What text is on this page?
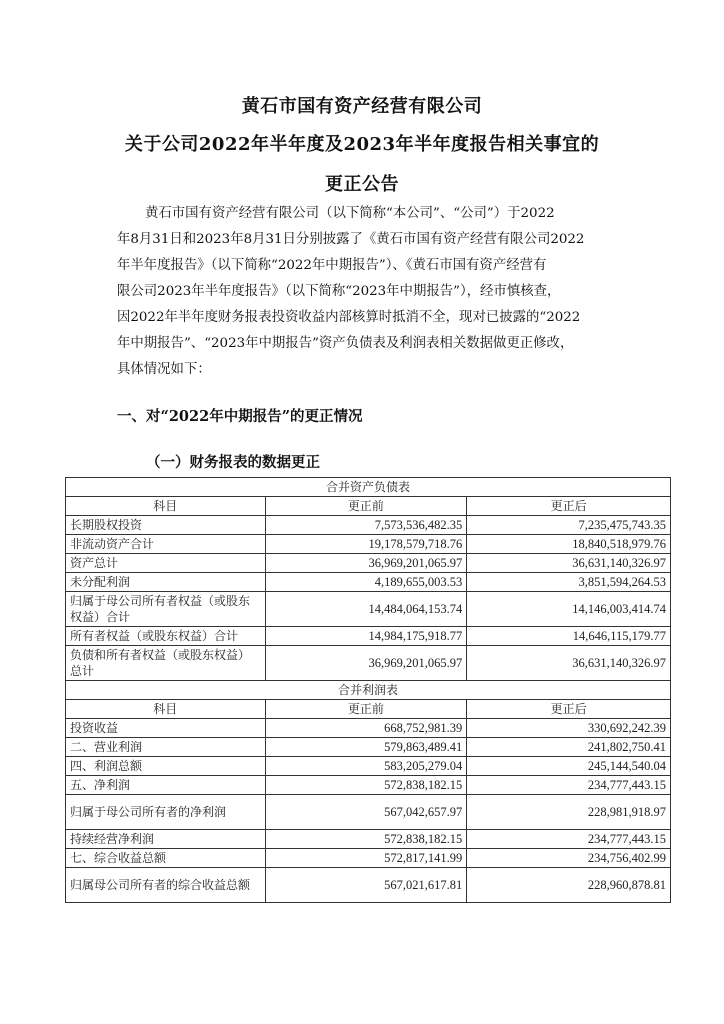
黄石市国有资产经营有限公司
关于公司2022年半年度及2023年半年度报告相关事宜的
更正公告
黄石市国有资产经营有限公司（以下简称“本公司”、“公司”）于2022
年8月31日和2023年8月31日分别披露了《黄石市国有资产经营有限公司2022
年半年度报告》（以下简称“2022年中期报告”）、《黄石市国有资产经营有
限公司2023年半年度报告》（以下简称“2023年中期报告”），经市慎核查，
因2022年半年度财务报表投资收益内部核算时抵消不全，现对已披露的“2022
年中期报告”、“2023年中期报告”资产负债表及利润表相关数据做更正修改，
具体情况如下：
一、对“2022年中期报告”的更正情况
（一）财务报表的数据更正
合并资产负债表		
科目	更正前	更正后
长期股权投资	7,573,536,482.35	7,235,475,743.35
非流动资产合计	19,178,579,718.76	18,840,518,979.76
资产总计	36,969,201,065.97	36,631,140,326.97
未分配利润	4,189,655,003.53	3,851,594,264.53
归属于母公司所有者权益（或股东权益）合计	14,484,064,153.74	14,146,003,414.74
所有者权益（或股东权益）合计	14,984,175,918.77	14,646,115,179.77
负债和所有者权益（或股东权益）总计	36,969,201,065.97	36,631,140,326.97
合并利润表		
科目	更正前	更正后
投资收益	668,752,981.39	330,692,242.39
二、营业利润	579,863,489.41	241,802,750.41
四、利润总额	583,205,279.04	245,144,540.04
五、净利润	572,838,182.15	234,777,443.15
归属于母公司所有者的净利润	567,042,657.97	228,981,918.97
持续经营净利润	572,838,182.15	234,777,443.15
七、综合收益总额	572,817,141.99	234,756,402.99
归属母公司所有者的综合收益总额	567,021,617.81	228,960,878.81
